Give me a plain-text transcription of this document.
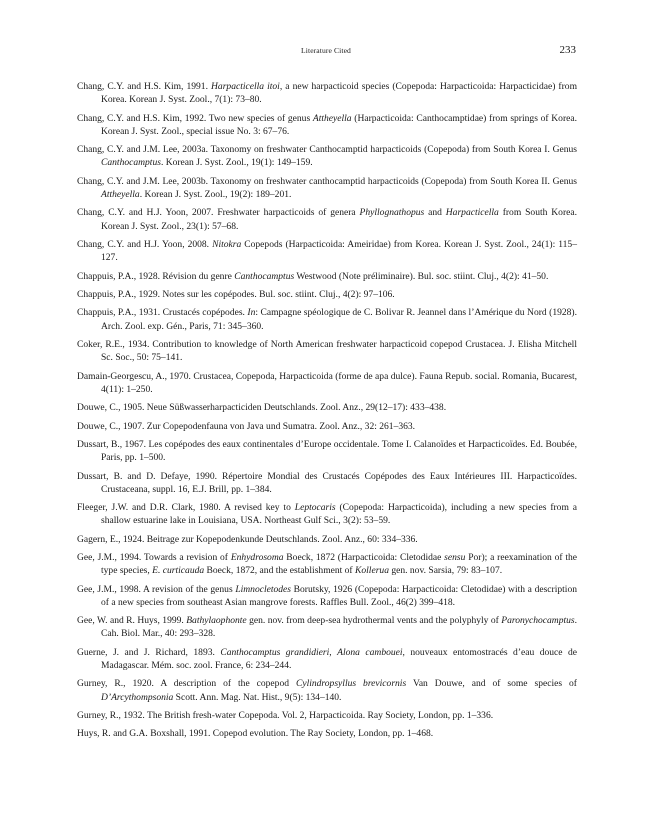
Literature Cited	233
Chang, C.Y. and H.S. Kim, 1991. Harpacticella itoi, a new harpacticoid species (Copepoda: Harpacticoida: Harpacticidae) from Korea. Korean J. Syst. Zool., 7(1): 73–80.
Chang, C.Y. and H.S. Kim, 1992. Two new species of genus Attheyella (Harpacticoida: Canthocamptidae) from springs of Korea. Korean J. Syst. Zool., special issue No. 3: 67–76.
Chang, C.Y. and J.M. Lee, 2003a. Taxonomy on freshwater Canthocamptid harpacticoids (Copepoda) from South Korea I. Genus Canthocamptus. Korean J. Syst. Zool., 19(1): 149–159.
Chang, C.Y. and J.M. Lee, 2003b. Taxonomy on freshwater canthocamptid harpacticoids (Copepoda) from South Korea II. Genus Attheyella. Korean J. Syst. Zool., 19(2): 189–201.
Chang, C.Y. and H.J. Yoon, 2007. Freshwater harpacticoids of genera Phyllognathopus and Harpacticella from South Korea. Korean J. Syst. Zool., 23(1): 57–68.
Chang, C.Y. and H.J. Yoon, 2008. Nitokra Copepods (Harpacticoida: Ameiridae) from Korea. Korean J. Syst. Zool., 24(1): 115–127.
Chappuis, P.A., 1928. Révision du genre Canthocamptus Westwood (Note préliminaire). Bul. soc. stiint. Cluj., 4(2): 41–50.
Chappuis, P.A., 1929. Notes sur les copépodes. Bul. soc. stiint. Cluj., 4(2): 97–106.
Chappuis, P.A., 1931. Crustacés copépodes. In: Campagne spéologique de C. Bolivar R. Jeannel dans l’Amérique du Nord (1928). Arch. Zool. exp. Gén., Paris, 71: 345–360.
Coker, R.E., 1934. Contribution to knowledge of North American freshwater harpacticoid copepod Crustacea. J. Elisha Mitchell Sc. Soc., 50: 75–141.
Damain-Georgescu, A., 1970. Crustacea, Copepoda, Harpacticoida (forme de apa dulce). Fauna Repub. social. Romania, Bucarest, 4(11): 1–250.
Douwe, C., 1905. Neue Süßwasserharpacticiden Deutschlands. Zool. Anz., 29(12–17): 433–438.
Douwe, C., 1907. Zur Copepodenfauna von Java und Sumatra. Zool. Anz., 32: 261–363.
Dussart, B., 1967. Les copépodes des eaux continentales d’Europe occidentale. Tome I. Calanoïdes et Harpacticoïdes. Ed. Boubée, Paris, pp. 1–500.
Dussart, B. and D. Defaye, 1990. Répertoire Mondial des Crustacés Copépodes des Eaux Intérieures III. Harpacticoïdes. Crustaceana, suppl. 16, E.J. Brill, pp. 1–384.
Fleeger, J.W. and D.R. Clark, 1980. A revised key to Leptocaris (Copepoda: Harpacticoida), including a new species from a shallow estuarine lake in Louisiana, USA. Northeast Gulf Sci., 3(2): 53–59.
Gagern, E., 1924. Beitrage zur Kopepodenkunde Deutschlands. Zool. Anz., 60: 334–336.
Gee, J.M., 1994. Towards a revision of Enhydrosoma Boeck, 1872 (Harpacticoida: Cletodidae sensu Por); a reexamination of the type species, E. curticauda Boeck, 1872, and the establishment of Kollerua gen. nov. Sarsia, 79: 83–107.
Gee, J.M., 1998. A revision of the genus Limnocletodes Borutsky, 1926 (Copepoda: Harpacticoida: Cletodidae) with a description of a new species from southeast Asian mangrove forests. Raffles Bull. Zool., 46(2) 399–418.
Gee, W. and R. Huys, 1999. Bathylaophonte gen. nov. from deep-sea hydrothermal vents and the polyphyly of Paronychocamptus. Cah. Biol. Mar., 40: 293–328.
Guerne, J. and J. Richard, 1893. Canthocamptus grandidieri, Alona cambouei, nouveaux entomostracés d’eau douce de Madagascar. Mém. soc. zool. France, 6: 234–244.
Gurney, R., 1920. A description of the copepod Cylindropsyllus brevicornis Van Douwe, and of some species of D’Arcythompsonia Scott. Ann. Mag. Nat. Hist., 9(5): 134–140.
Gurney, R., 1932. The British fresh-water Copepoda. Vol. 2, Harpacticoida. Ray Society, London, pp. 1–336.
Huys, R. and G.A. Boxshall, 1991. Copepod evolution. The Ray Society, London, pp. 1–468.
